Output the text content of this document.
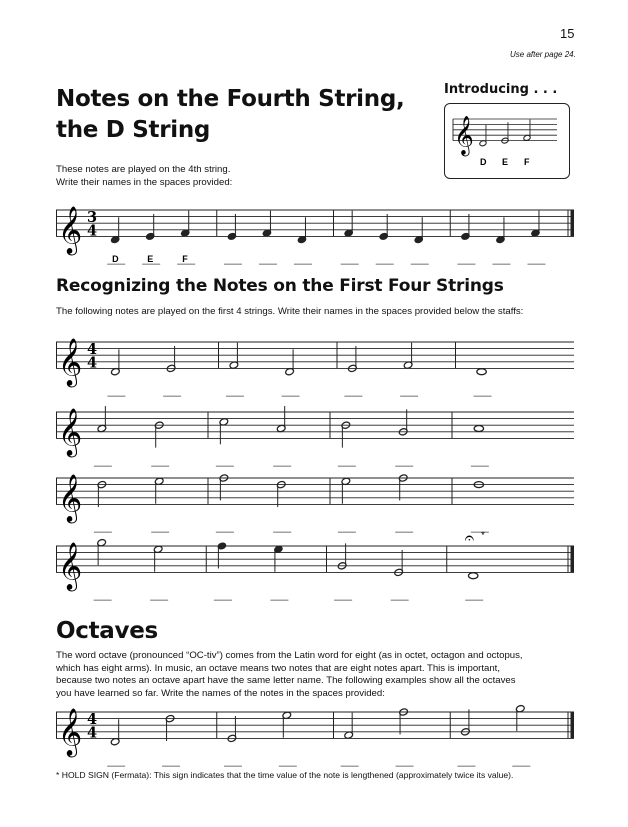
15
Use after page 24.
Notes on the Fourth String,
the D String
Introducing . . .
𝄞
D E F
These notes are played on the 4th string.
Write their names in the spaces provided:
𝄞 3
4
D	E	F
Recognizing the Notes on the First Four Strings
The following notes are played on the first 4 strings. Write their names in the spaces provided below the staffs:
𝄞 4
4
𝄞
𝄞
𝄞
𝄐 *
Octaves
The word octave (pronounced “OC-tiv”) comes from the Latin word for eight (as in octet, octagon and octopus,
which has eight arms). In music, an octave means two notes that are eight notes apart. This is important,
because two notes an octave apart have the same letter name. The following examples show all the octaves
you have learned so far. Write the names of the notes in the spaces provided:
𝄞 4
4
* HOLD SIGN (Fermata): This sign indicates that the time value of the note is lengthened (approximately twice its value).
